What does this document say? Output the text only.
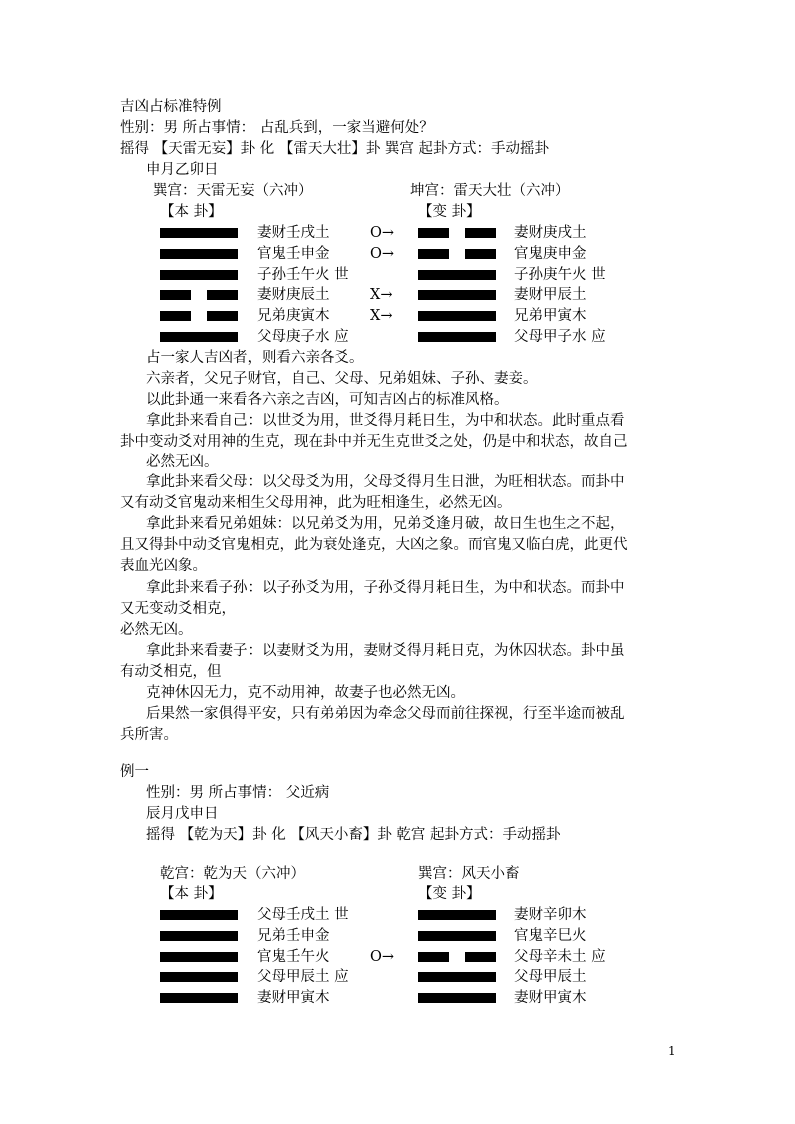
吉凶占标准特例
性别：男 所占事情： 占乱兵到，一家当避何处？
摇得 【天雷无妄】卦 化 【雷天大壮】卦 巽宫 起卦方式：手动摇卦
申月乙卯日
巽宫：天雷无妄（六冲）	坤宫：雷天大壮（六冲）
【本 卦】	【变 卦】
妻财壬戌土	O→	妻财庚戌土
官鬼壬申金	O→	官鬼庚申金
子孙壬午火 世	子孙庚午火 世
妻财庚辰土	X→	妻财甲辰土
兄弟庚寅木	X→	兄弟甲寅木
父母庚子水 应	父母甲子水 应
占一家人吉凶者，则看六亲各爻。
六亲者，父兄子财官，自己、父母、兄弟姐妹、子孙、妻妾。
以此卦通一来看各六亲之吉凶，可知吉凶占的标准风格。
拿此卦来看自己：以世爻为用，世爻得月耗日生，为中和状态。此时重点看
卦中变动爻对用神的生克，现在卦中并无生克世爻之处，仍是中和状态，故自己
必然无凶。
拿此卦来看父母：以父母爻为用，父母爻得月生日泄，为旺相状态。而卦中
又有动爻官鬼动来相生父母用神，此为旺相逢生，必然无凶。
拿此卦来看兄弟姐妹：以兄弟爻为用，兄弟爻逢月破，故日生也生之不起，
且又得卦中动爻官鬼相克，此为衰处逢克，大凶之象。而官鬼又临白虎，此更代
表血光凶象。
拿此卦来看子孙：以子孙爻为用，子孙爻得月耗日生，为中和状态。而卦中
又无变动爻相克，
必然无凶。
拿此卦来看妻子：以妻财爻为用，妻财爻得月耗日克，为休囚状态。卦中虽
有动爻相克，但
克神休囚无力，克不动用神，故妻子也必然无凶。
后果然一家俱得平安，只有弟弟因为牵念父母而前往探视，行至半途而被乱
兵所害。
例一
性别：男 所占事情： 父近病
辰月戊申日
摇得 【乾为天】卦 化 【风天小畜】卦 乾宫 起卦方式：手动摇卦
乾宫：乾为天（六冲）	巽宫：风天小畜
【本 卦】	【变 卦】
父母壬戌土 世	妻财辛卯木
兄弟壬申金	官鬼辛巳火
官鬼壬午火	O→	父母辛未土 应
父母甲辰土 应	父母甲辰土
妻财甲寅木	妻财甲寅木
1
